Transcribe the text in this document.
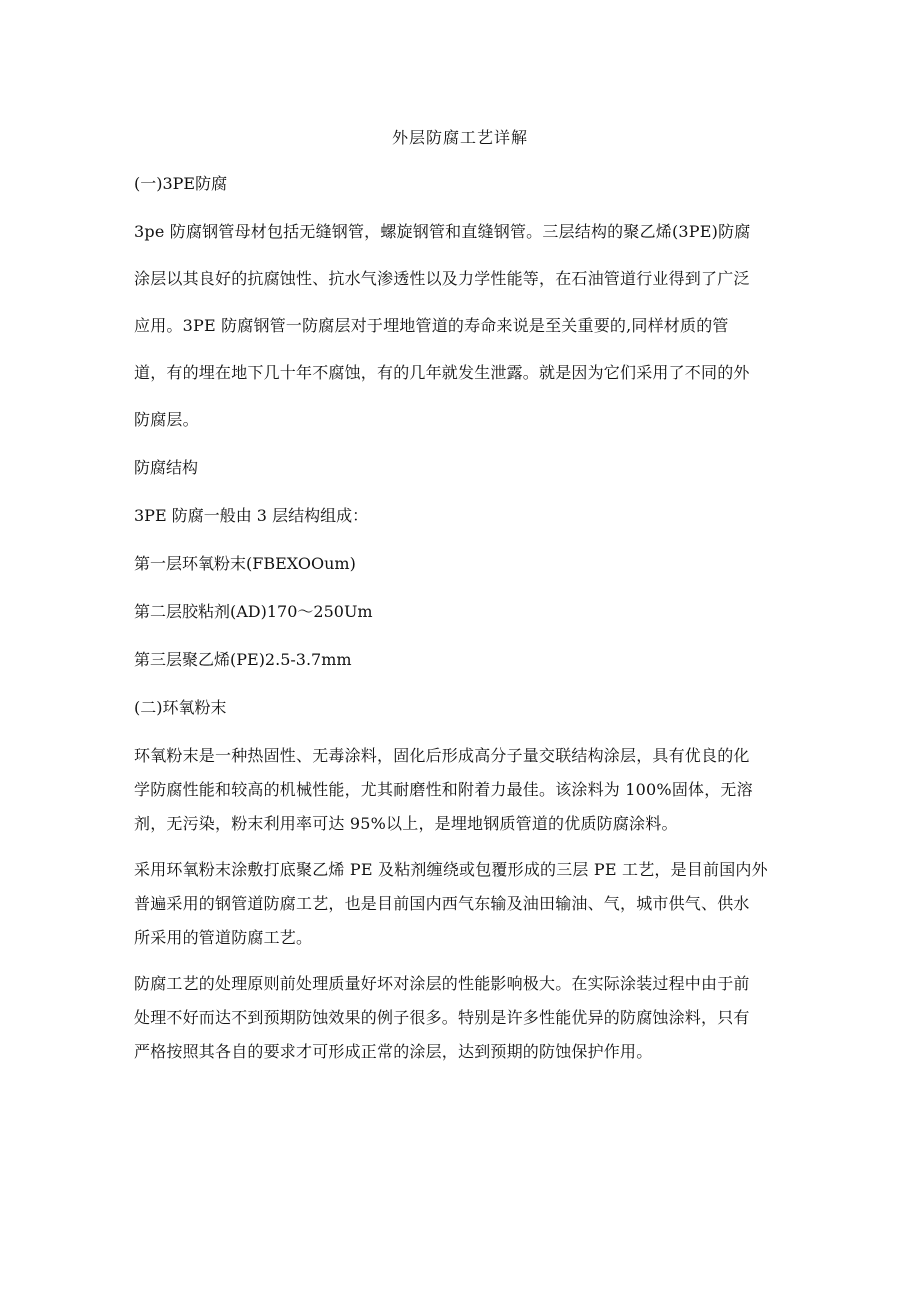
外层防腐工艺详解
(一)3PE防腐
3pe 防腐钢管母材包括无缝钢管，螺旋钢管和直缝钢管。三层结构的聚乙烯(3PE)防腐
涂层以其良好的抗腐蚀性、抗水气渗透性以及力学性能等，在石油管道行业得到了广泛
应用。3PE 防腐钢管一防腐层对于埋地管道的寿命来说是至关重要的,同样材质的管
道，有的埋在地下几十年不腐蚀，有的几年就发生泄露。就是因为它们采用了不同的外
防腐层。
防腐结构
3PE 防腐一般由 3 层结构组成：
第一层环氧粉末(FBEXOOum)
第二层胶粘剂(AD)170～250Um
第三层聚乙烯(PE)2.5-3.7mm
(二)环氧粉末
环氧粉末是一种热固性、无毒涂料，固化后形成高分子量交联结构涂层，具有优良的化
学防腐性能和较高的机械性能，尤其耐磨性和附着力最佳。该涂料为 100%固体，无溶
剂，无污染，粉末利用率可达 95%以上，是埋地钢质管道的优质防腐涂料。
采用环氧粉末涂敷打底聚乙烯 PE 及粘剂缠绕或包覆形成的三层 PE 工艺，是目前国内外
普遍采用的钢管道防腐工艺，也是目前国内西气东输及油田输油、气，城市供气、供水
所采用的管道防腐工艺。
防腐工艺的处理原则前处理质量好坏对涂层的性能影响极大。在实际涂装过程中由于前
处理不好而达不到预期防蚀效果的例子很多。特别是许多性能优异的防腐蚀涂料，只有
严格按照其各自的要求才可形成正常的涂层，达到预期的防蚀保护作用。
